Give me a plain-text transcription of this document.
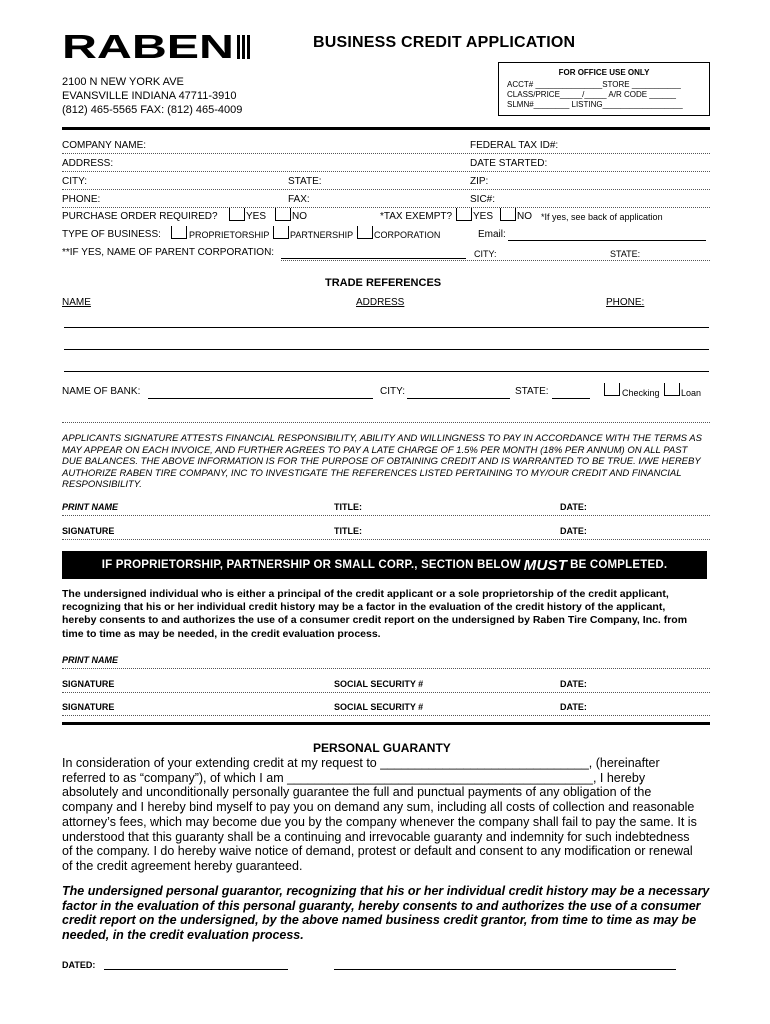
RABEN	BUSINESS CREDIT APPLICATION
2100 N NEW YORK AVE
EVANSVILLE INDIANA 47711-3910
(812) 465-5565 FAX: (812) 465-4009
FOR OFFICE USE ONLY
ACCT# _______________STORE ___________
CLASS/PRICE_____/_____ A/R CODE ______
SLMN#________ LISTING__________________
COMPANY NAME:	FEDERAL TAX ID#:
ADDRESS:	DATE STARTED:
CITY:	STATE:	ZIP:
PHONE:	FAX:	SIC#:
PURCHASE ORDER REQUIRED?	YES	NO	*TAX EXEMPT? YES NO *If yes, see back of application
TYPE OF BUSINESS:	PROPRIETORSHIP PARTNERSHIP CORPORATION	Email:
**IF YES, NAME OF PARENT CORPORATION:	CITY:	STATE:
TRADE REFERENCES
NAME	ADDRESS	PHONE:
NAME OF BANK:	CITY:	STATE:	Checking Loan
APPLICANTS SIGNATURE ATTESTS FINANCIAL RESPONSIBILITY, ABILITY AND WILLINGNESS TO PAY IN ACCORDANCE WITH THE TERMS AS MAY APPEAR ON EACH INVOICE, AND FURTHER AGREES TO PAY A LATE CHARGE OF 1.5% PER MONTH (18% PER ANNUM) ON ALL PAST DUE BALANCES. THE ABOVE INFORMATION IS FOR THE PURPOSE OF OBTAINING CREDIT AND IS WARRANTED TO BE TRUE. I/WE HEREBY AUTHORIZE RABEN TIRE COMPANY, INC TO INVESTIGATE THE REFERENCES LISTED PERTAINING TO MY/OUR CREDIT AND FINANCIAL RESPONSIBILITY.
PRINT NAME	TITLE:	DATE:
SIGNATURE	TITLE:	DATE:
IF PROPRIETORSHIP, PARTNERSHIP OR SMALL CORP., SECTION BELOW MUST BE COMPLETED.
The undersigned individual who is either a principal of the credit applicant or a sole proprietorship of the credit applicant, recognizing that his or her individual credit history may be a factor in the evaluation of the credit history of the applicant, hereby consents to and authorizes the use of a consumer credit report on the undersigned by Raben Tire Company, Inc. from time to time as may be needed, in the credit evaluation process.
PRINT NAME
SIGNATURE	SOCIAL SECURITY #	DATE:
SIGNATURE	SOCIAL SECURITY #	DATE:
PERSONAL GUARANTY
In consideration of your extending credit at my request to ______________________________, (hereinafter referred to as “company”), of which I am ____________________________________________, I hereby absolutely and unconditionally personally guarantee the full and punctual payments of any obligation of the company and I hereby bind myself to pay you on demand any sum, including all costs of collection and reasonable attorney’s fees, which may become due you by the company whenever the company shall fail to pay the same. It is understood that this guaranty shall be a continuing and irrevocable guaranty and indemnity for such indebtedness of the company. I do hereby waive notice of demand, protest or default and consent to any modification or renewal of the credit agreement hereby guaranteed.
The undersigned personal guarantor, recognizing that his or her individual credit history may be a necessary factor in the evaluation of this personal guaranty, hereby consents to and authorizes the use of a consumer credit report on the undersigned, by the above named business credit grantor, from time to time as may be needed, in the credit evaluation process.
DATED:
